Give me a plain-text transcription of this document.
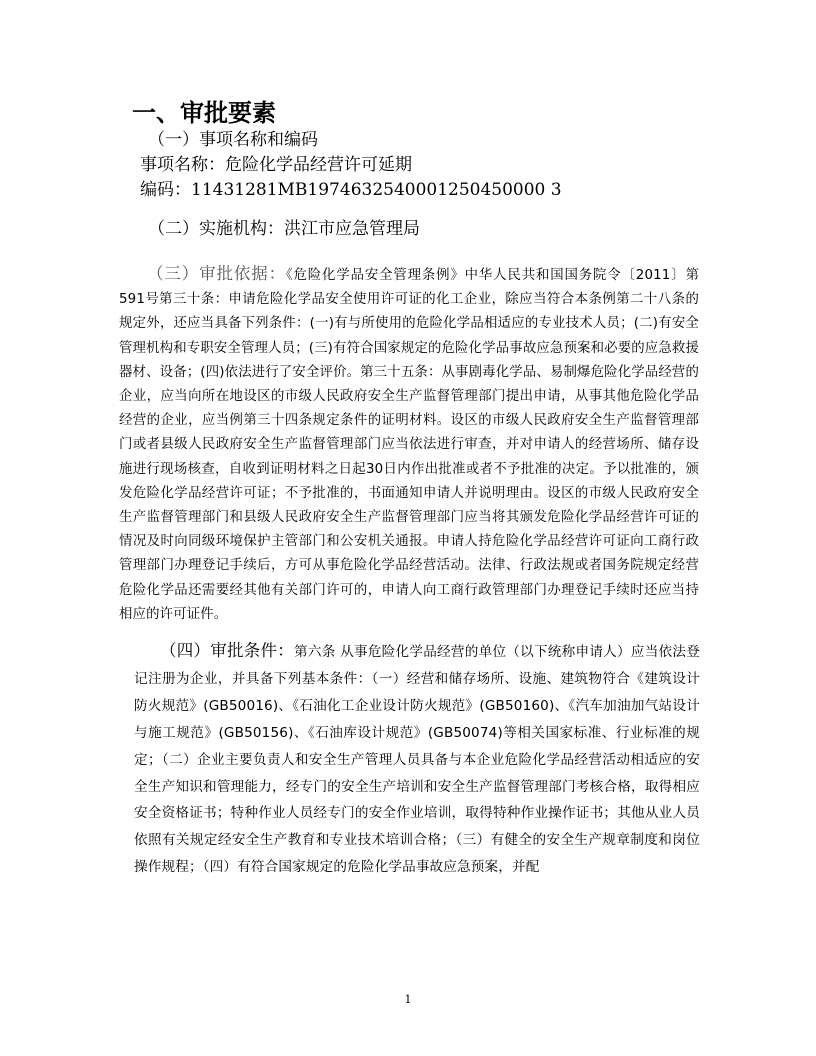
一、审批要素
（一）事项名称和编码
事项名称：危险化学品经营许可延期
编码：11431281MB1974632540001250450000 3
（二）实施机构：洪江市应急管理局
（三）审批依据：《危险化学品安全管理条例》中华人民共和国国务院令〔2011〕第591号第三十条：申请危险化学品安全使用许可证的化工企业，除应当符合本条例第二十八条的规定外，还应当具备下列条件：(一)有与所使用的危险化学品相适应的专业技术人员；(二)有安全管理机构和专职安全管理人员；(三)有符合国家规定的危险化学品事故应急预案和必要的应急救援器材、设备；(四)依法进行了安全评价。第三十五条：从事剧毒化学品、易制爆危险化学品经营的企业，应当向所在地设区的市级人民政府安全生产监督管理部门提出申请，从事其他危险化学品经营的企业，应当例第三十四条规定条件的证明材料。设区的市级人民政府安全生产监督管理部门或者县级人民政府安全生产监督管理部门应当依法进行审查，并对申请人的经营场所、储存设施进行现场核查，自收到证明材料之日起30日内作出批准或者不予批准的决定。予以批准的，颁发危险化学品经营许可证；不予批准的，书面通知申请人并说明理由。设区的市级人民政府安全生产监督管理部门和县级人民政府安全生产监督管理部门应当将其颁发危险化学品经营许可证的情况及时向同级环境保护主管部门和公安机关通报。申请人持危险化学品经营许可证向工商行政管理部门办理登记手续后，方可从事危险化学品经营活动。法律、行政法规或者国务院规定经营危险化学品还需要经其他有关部门许可的，申请人向工商行政管理部门办理登记手续时还应当持相应的许可证件。
（四）审批条件：第六条 从事危险化学品经营的单位（以下统称申请人）应当依法登记注册为企业，并具备下列基本条件：（一）经营和储存场所、设施、建筑物符合《建筑设计防火规范》(GB50016)、《石油化工企业设计防火规范》(GB50160)、《汽车加油加气站设计与施工规范》(GB50156)、《石油库设计规范》(GB50074)等相关国家标准、行业标准的规定；（二）企业主要负责人和安全生产管理人员具备与本企业危险化学品经营活动相适应的安全生产知识和管理能力，经专门的安全生产培训和安全生产监督管理部门考核合格，取得相应安全资格证书；特种作业人员经专门的安全作业培训，取得特种作业操作证书；其他从业人员依照有关规定经安全生产教育和专业技术培训合格；（三）有健全的安全生产规章制度和岗位操作规程；（四）有符合国家规定的危险化学品事故应急预案，并配
1
